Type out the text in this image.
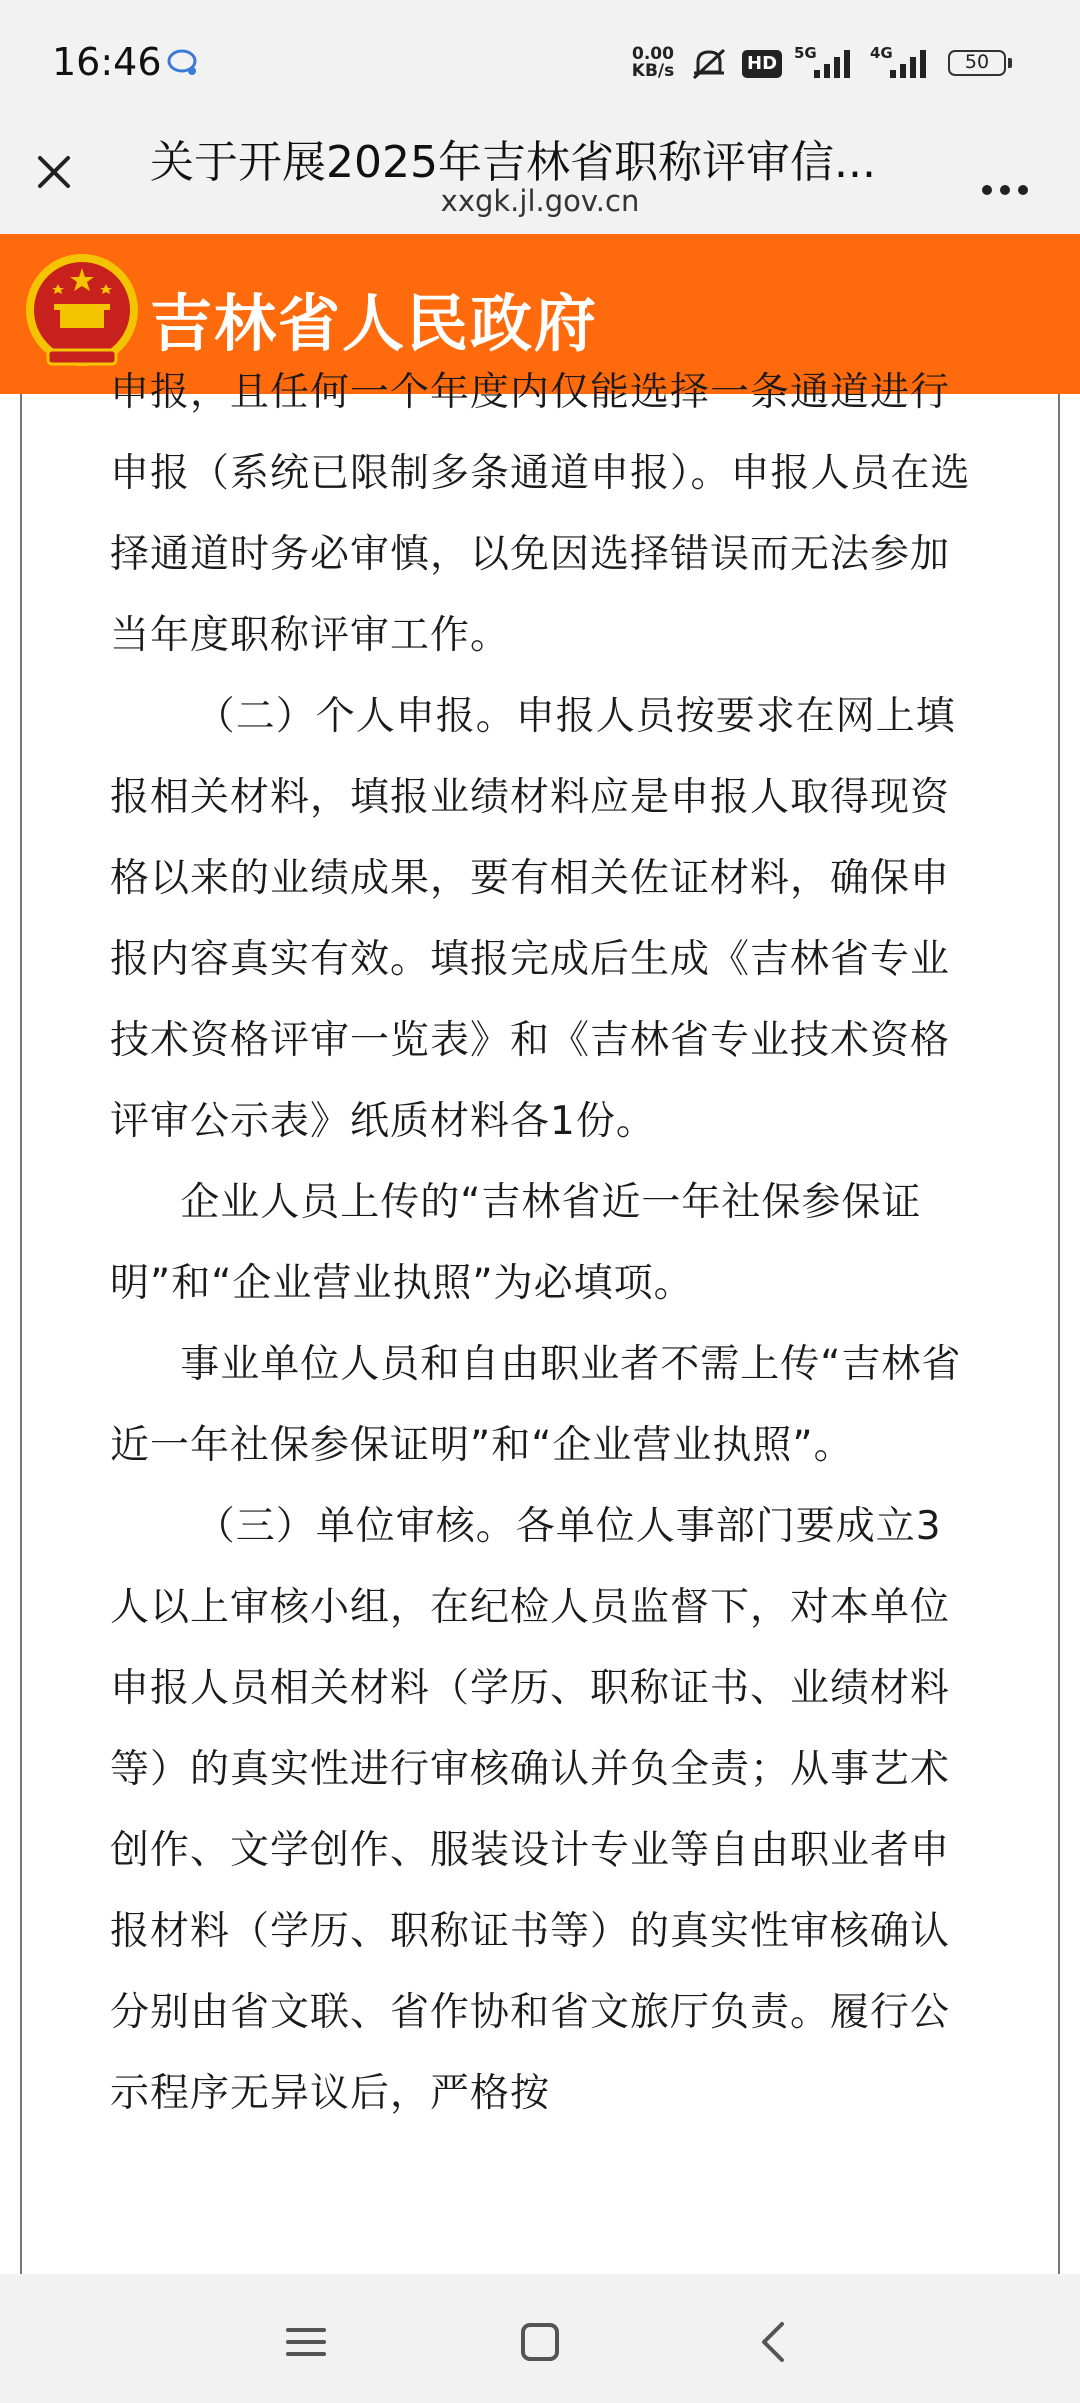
16:46	0.00
KB/s	HD	5G	4G	50
关于开展2025年吉林省职称评审信...
xxgk.jl.gov.cn
吉林省人民政府

申报，且任何一个年度内仅能选择一条通道进行

申报（系统已限制多条通道申报）。申报人员在选择通道时务必审慎，以免因选择错误而无法参加当年度职称评审工作。

（二）个人申报。申报人员按要求在网上填报相关材料，填报业绩材料应是申报人取得现资格以来的业绩成果，要有相关佐证材料，确保申报内容真实有效。填报完成后生成《吉林省专业技术资格评审一览表》和《吉林省专业技术资格评审公示表》纸质材料各1份。

企业人员上传的“吉林省近一年社保参保证明”和“企业营业执照”为必填项。

事业单位人员和自由职业者不需上传“吉林省近一年社保参保证明”和“企业营业执照”。

（三）单位审核。各单位人事部门要成立3人以上审核小组，在纪检人员监督下，对本单位申报人员相关材料（学历、职称证书、业绩材料等）的真实性进行审核确认并负全责；从事艺术创作、文学创作、服装设计专业等自由职业者申报材料（学历、职称证书等）的真实性审核确认分别由省文联、省作协和省文旅厅负责。履行公示程序无异议后，严格按
